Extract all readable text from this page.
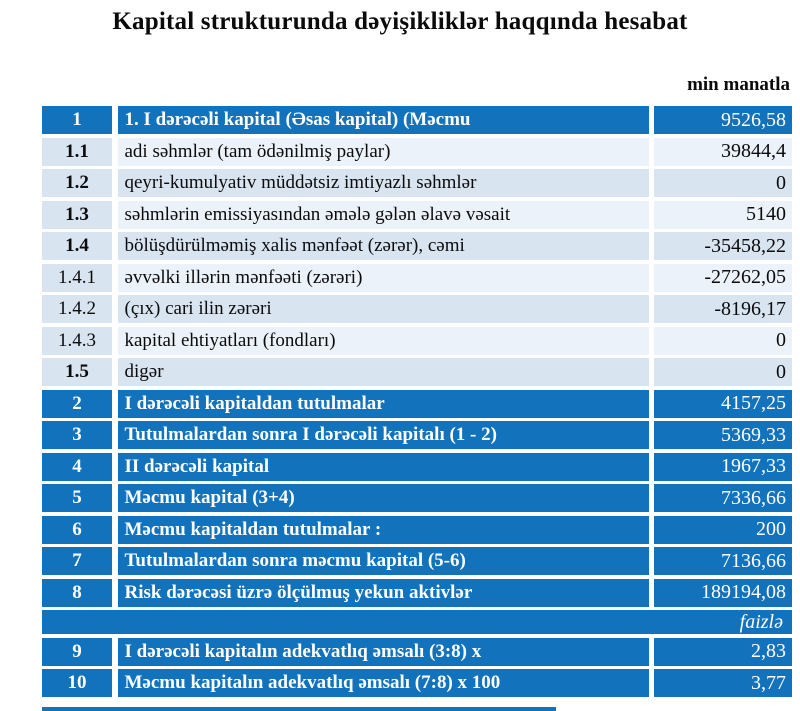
Kapital strukturunda dəyişikliklər haqqında hesabat
min manatla
1	1. I dərəcəli kapital (Əsas kapital) (Məcmu	9526,58
1.1	adi səhmlər (tam ödənilmiş paylar)	39844,4
1.2	qeyri-kumulyativ müddətsiz imtiyazlı səhmlər	0
1.3	səhmlərin emissiyasından əmələ gələn əlavə vəsait	5140
1.4	bölüşdürülməmiş xalis mənfəət (zərər), cəmi	-35458,22
1.4.1	əvvəlki illərin mənfəəti (zərəri)	-27262,05
1.4.2	(çıx) cari ilin zərəri	-8196,17
1.4.3	kapital ehtiyatları (fondları)	0
1.5	digər	0
2	I dərəcəli kapitaldan tutulmalar	4157,25
3	Tutulmalardan sonra I dərəcəli kapitalı (1 - 2)	5369,33
4	II dərəcəli kapital	1967,33
5	Məcmu kapital (3+4)	7336,66
6	Məcmu kapitaldan tutulmalar :	200
7	Tutulmalardan sonra məcmu kapital (5-6)	7136,66
8	Risk dərəcəsi üzrə ölçülmuş yekun aktivlər	189194,08
faizlə
9	I dərəcəli kapitalın adekvatlıq əmsalı (3:8) x	2,83
10	Məcmu kapitalın adekvatlıq əmsalı (7:8) x 100	3,77
